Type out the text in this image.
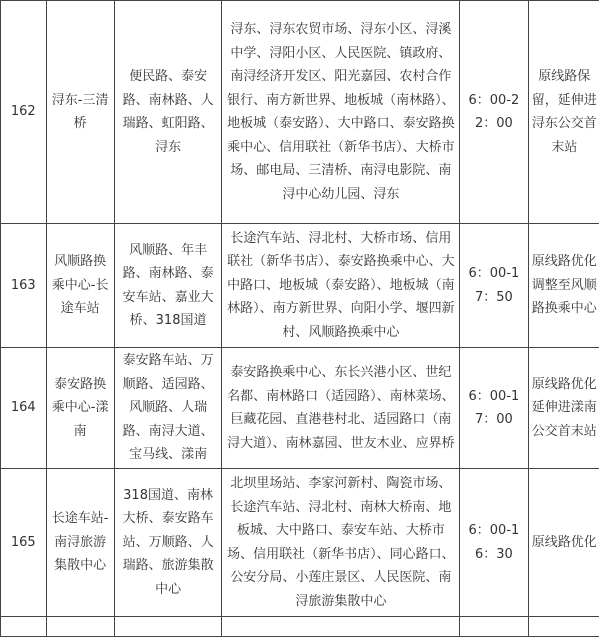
162	浔东-三清桥	便民路、泰安路、南林路、人瑞路、虹阳路、浔东	浔东、浔东农贸市场、浔东小区、浔溪中学、浔阳小区、人民医院、镇政府、南浔经济开发区、阳光嘉园、农村合作银行、南方新世界、地板城（南林路）、地板城（泰安路）、大中路口、泰安路换乘中心、信用联社（新华书店）、大桥市场、邮电局、三清桥、南浔电影院、南浔中心幼儿园、浔东	6：00-22：00	原线路保留，延伸进浔东公交首末站
163	风顺路换乘中心-长途车站	风顺路、年丰路、南林路、泰安车站、嘉业大桥、318国道	长途汽车站、浔北村、大桥市场、信用联社（新华书店）、泰安路换乘中心、大中路口、地板城（泰安路）、地板城（南林路）、南方新世界、向阳小学、堰四新村、风顺路换乘中心	6：00-17：50	原线路优化调整至风顺路换乘中心
164	泰安路换乘中心-漾南	泰安路车站、万顺路、适园路、风顺路、人瑞路、南浔大道、宝马线、漾南	泰安路换乘中心、东长兴港小区、世纪名都、南林路口（适园路）、南林菜场、巨藏花园、直港巷村北、适园路口（南浔大道）、南林嘉园、世友木业、应界桥	6：00-17：00	原线路优化延伸进漾南公交首末站
165	长途车站-南浔旅游集散中心	318国道、南林大桥、泰安路车站、万顺路、人瑞路、旅游集散中心	北坝里场站、李家河新村、陶瓷市场、长途汽车站、浔北村、南林大桥南、地板城、大中路口、泰安车站、大桥市场、信用联社（新华书店）、同心路口、公安分局、小莲庄景区、人民医院、南浔旅游集散中心	6：00-16：30	原线路优化
